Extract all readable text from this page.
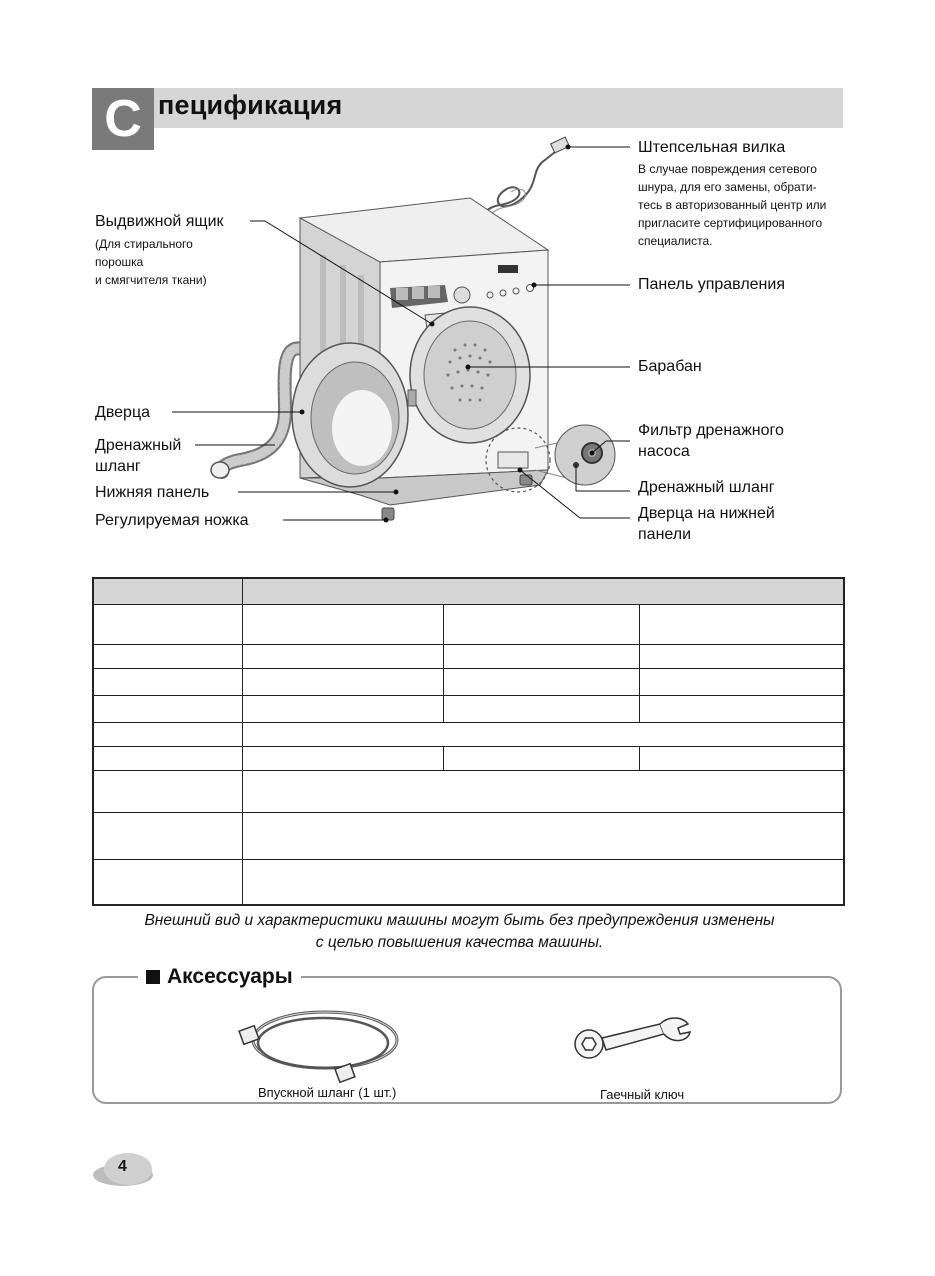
С пецификация
Штепсельная вилка
В случае повреждения сетевого
шнура, для его замены, обрати-
тесь в авторизованный центр или
пригласите сертифицированного
специалиста.
Выдвижной ящик
(Для стирального
порошка
и смягчителя ткани)	Панель управления
Барабан
Дверца
Дренажный
шланг
Нижняя панель
Регулируемая ножка
Фильтр дренажного
насоса
Дренажный шланг
Дверца на нижней
панели

Внешний вид и характеристики машины могут быть без предупреждения изменены
с целью повышения качества машины.
Аксессуары
Впускной шланг (1 шт.)	Гаечный ключ
4
